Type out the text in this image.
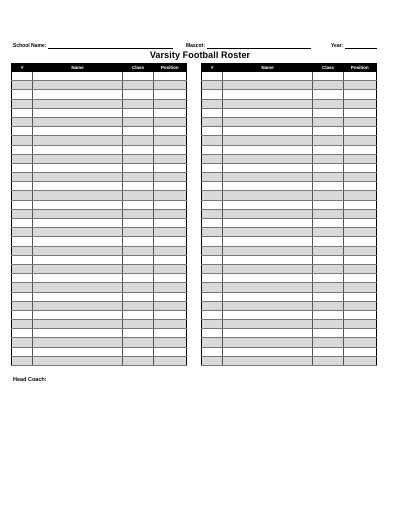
School Name:	Mascot:	Year:
Varsity Football Roster
#	Name	Class	Position

				#	Name	Class	Position

Head Coach:
